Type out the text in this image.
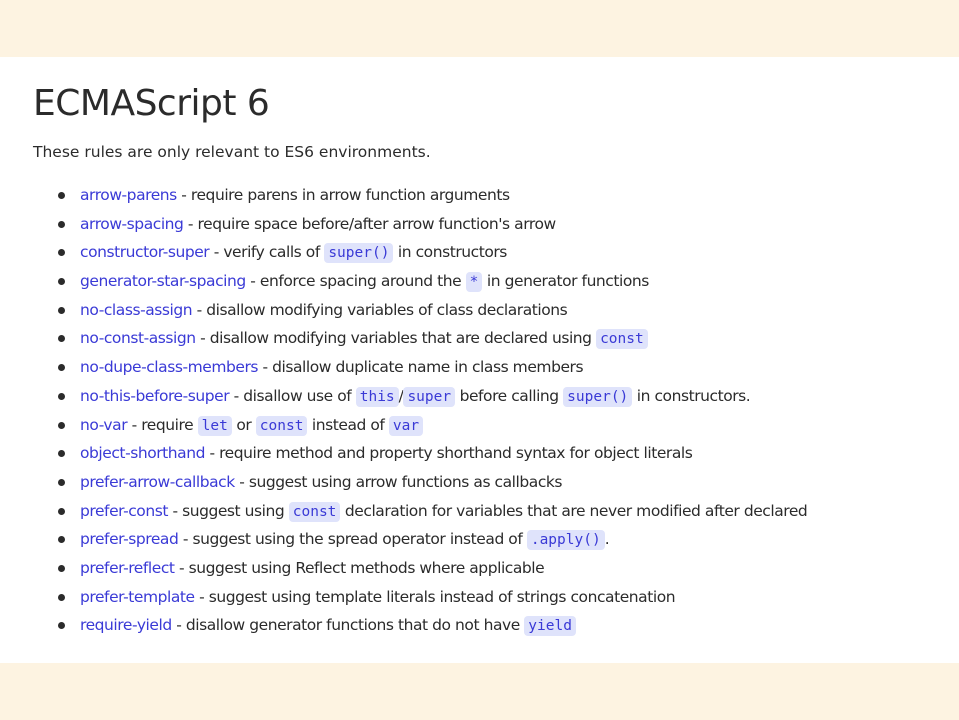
ECMAScript 6

These rules are only relevant to ES6 environments.

arrow-parens - require parens in arrow function arguments
arrow-spacing - require space before/after arrow function's arrow
constructor-super - verify calls of super() in constructors
generator-star-spacing - enforce spacing around the * in generator functions
no-class-assign - disallow modifying variables of class declarations
no-const-assign - disallow modifying variables that are declared using const
no-dupe-class-members - disallow duplicate name in class members
no-this-before-super - disallow use of this / super before calling super() in constructors.
no-var - require let or const instead of var
object-shorthand - require method and property shorthand syntax for object literals
prefer-arrow-callback - suggest using arrow functions as callbacks
prefer-const - suggest using const declaration for variables that are never modified after declared
prefer-spread - suggest using the spread operator instead of .apply() .
prefer-reflect - suggest using Reflect methods where applicable
prefer-template - suggest using template literals instead of strings concatenation
require-yield - disallow generator functions that do not have yield
